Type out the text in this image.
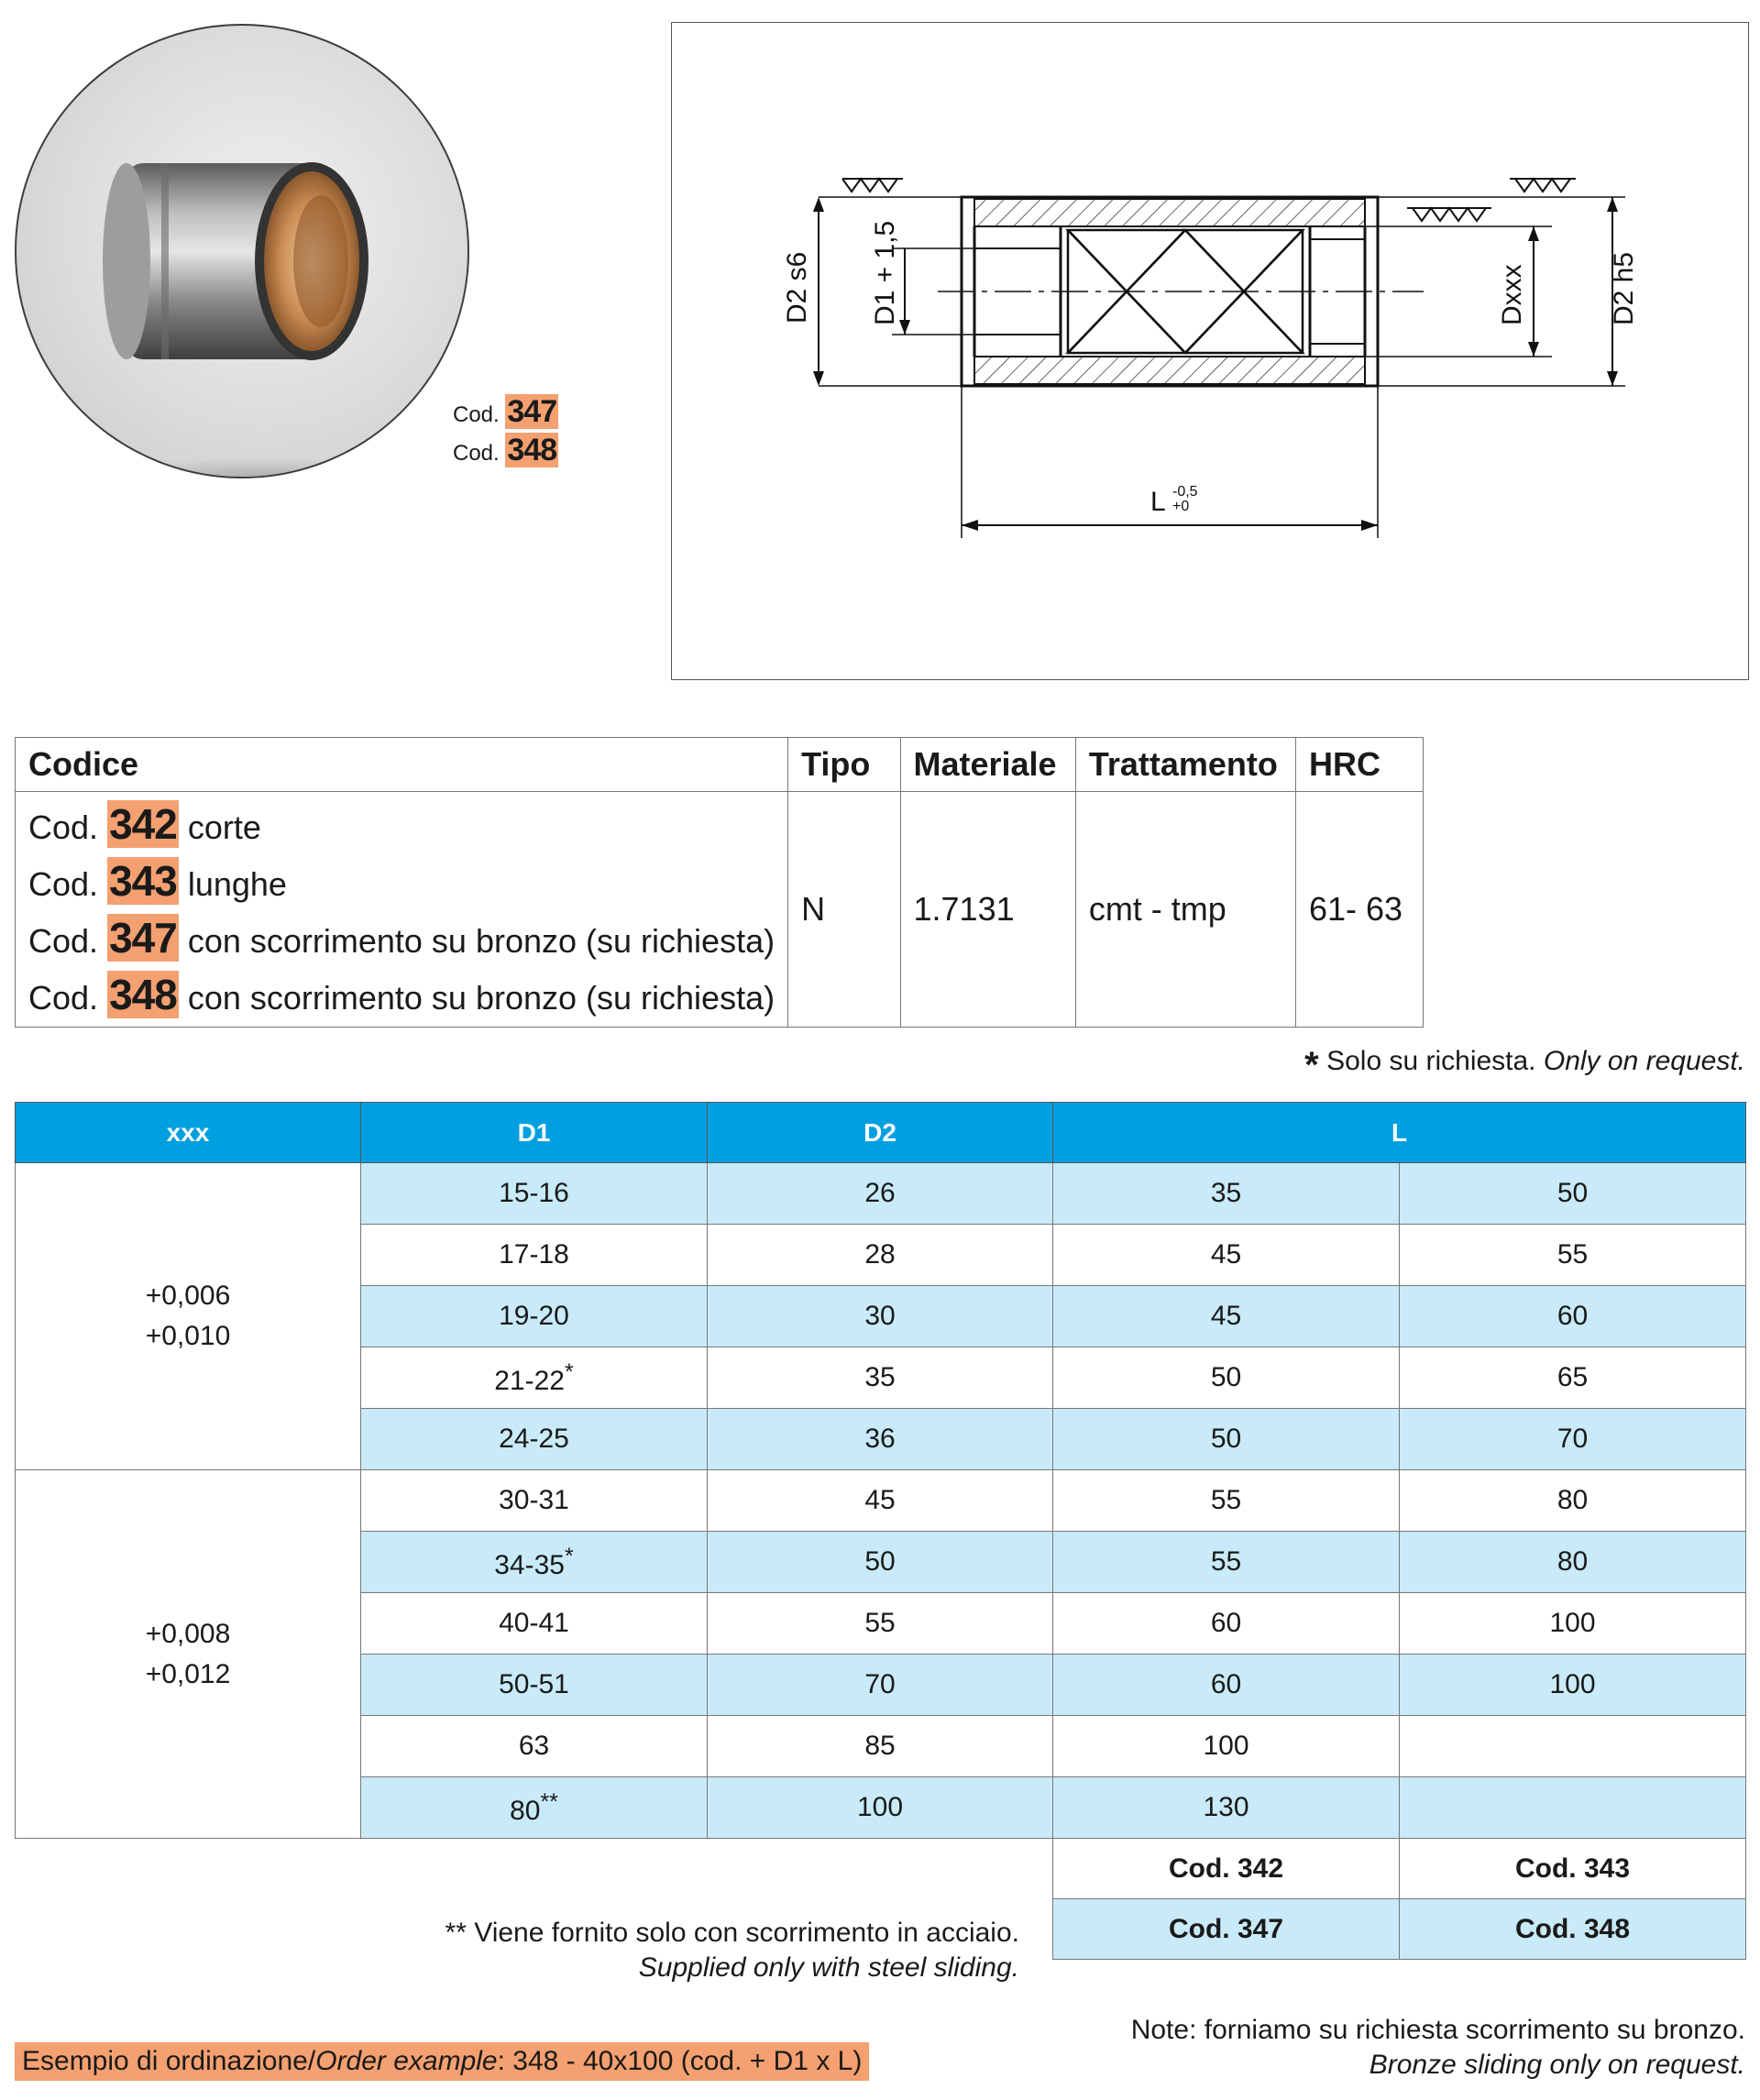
Cod. 347
Cod. 348
D2 s6 D1 + 1,5	Dxxx	D2 h5
L -0,5
+0
Codice	Tipo	Materiale	Trattamento	HRC

Cod. 342 corte
Cod. 343 lunghe
Cod. 347 con scorrimento su bronzo (su richiesta)
Cod. 348 con scorrimento su bronzo (su richiesta)	N	1.7131	cmt - tmp	61- 63
* Solo su richiesta. Only on request.
xxx	D1	D2	L	

+0,006
+0,010	15-16	26	35	50
	17-18	28	45	55
	19-20	30	45	60
	21-22*	35	50	65
	24-25	36	50	70

+0,008
+0,012	30-31	45	55	80
	34-35*	50	55	80
	40-41	55	60	100
	50-51	70	60	100
	63	85	100	
	80**	100	130	
			Cod. 342	Cod. 343
			Cod. 347	Cod. 348
** Viene fornito solo con scorrimento in acciaio.
Supplied only with steel sliding.
Note: forniamo su richiesta scorrimento su bronzo.
Bronze sliding only on request.
Esempio di ordinazione/Order example: 348 - 40x100 (cod. + D1 x L)
